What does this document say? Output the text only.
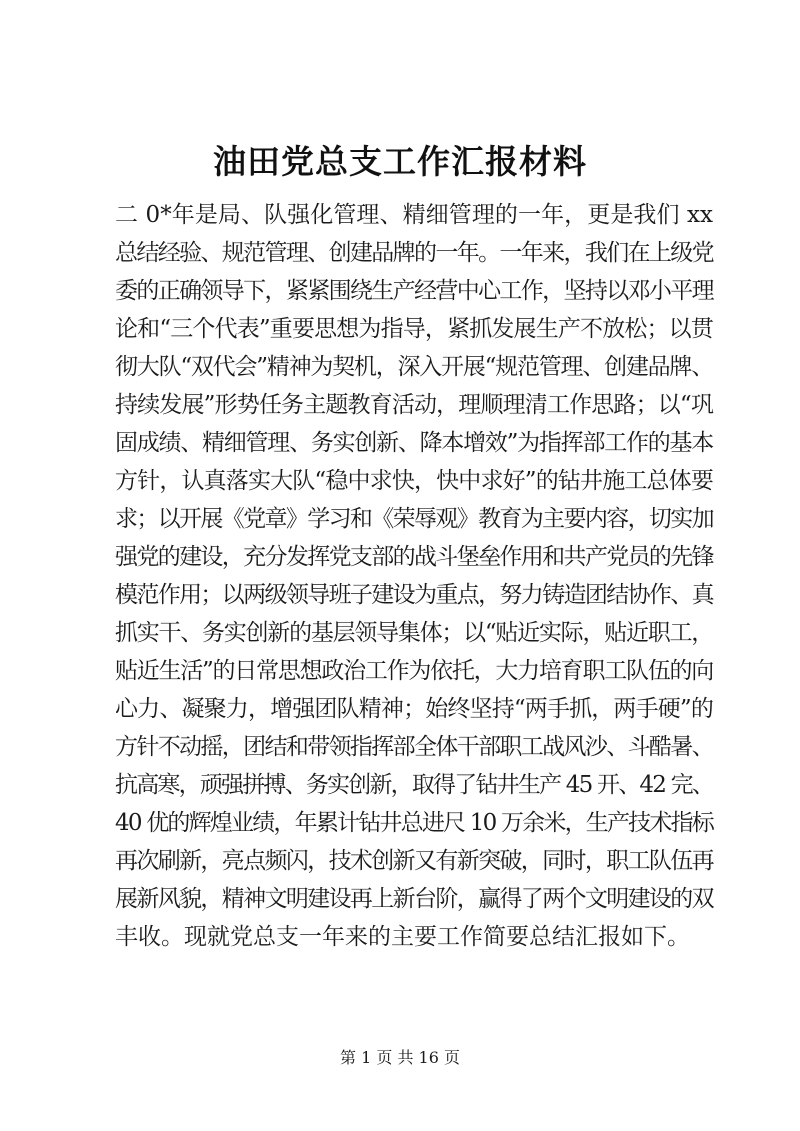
油田党总支工作汇报材料
二 0*年是局、队强化管理、精细管理的一年，更是我们 xx
总结经验、规范管理、创建品牌的一年。一年来，我们在上级党
委的正确领导下，紧紧围绕生产经营中心工作，坚持以邓小平理
论和“三个代表”重要思想为指导，紧抓发展生产不放松；以贯
彻大队“双代会”精神为契机，深入开展“规范管理、创建品牌、
持续发展”形势任务主题教育活动，理顺理清工作思路；以“巩
固成绩、精细管理、务实创新、降本增效”为指挥部工作的基本
方针，认真落实大队“稳中求快，快中求好”的钻井施工总体要
求；以开展《党章》学习和《荣辱观》教育为主要内容，切实加
强党的建设，充分发挥党支部的战斗堡垒作用和共产党员的先锋
模范作用；以两级领导班子建设为重点，努力铸造团结协作、真
抓实干、务实创新的基层领导集体；以“贴近实际，贴近职工，
贴近生活”的日常思想政治工作为依托，大力培育职工队伍的向
心力、凝聚力，增强团队精神；始终坚持“两手抓，两手硬”的
方针不动摇，团结和带领指挥部全体干部职工战风沙、斗酷暑、
抗高寒，顽强拼搏、务实创新，取得了钻井生产 45 开、42 完、
40 优的辉煌业绩，年累计钻井总进尺 10 万余米，生产技术指标
再次刷新，亮点频闪，技术创新又有新突破，同时，职工队伍再
展新风貌，精神文明建设再上新台阶，赢得了两个文明建设的双
丰收。现就党总支一年来的主要工作简要总结汇报如下。
第 1 页 共 16 页
